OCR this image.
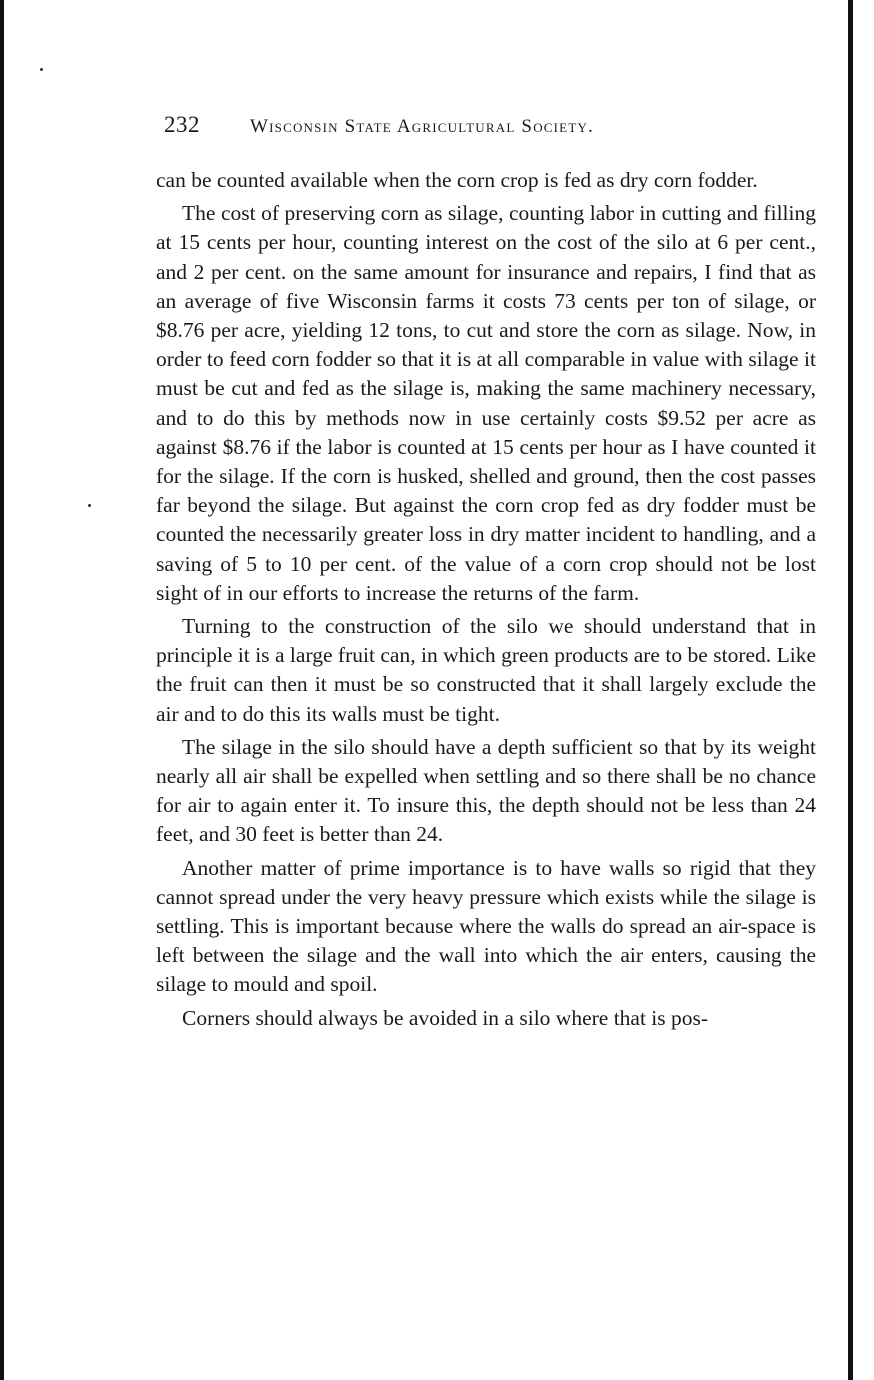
232	Wisconsin State Agricultural Society.

can be counted available when the corn crop is fed as dry corn fodder.

The cost of preserving corn as silage, counting labor in cutting and filling at 15 cents per hour, counting interest on the cost of the silo at 6 per cent., and 2 per cent. on the same amount for insurance and repairs, I find that as an average of five Wisconsin farms it costs 73 cents per ton of silage, or $8.76 per acre, yielding 12 tons, to cut and store the corn as silage. Now, in order to feed corn fodder so that it is at all comparable in value with silage it must be cut and fed as the silage is, making the same machinery necessary, and to do this by methods now in use certainly costs $9.52 per acre as against $8.76 if the labor is counted at 15 cents per hour as I have counted it for the silage. If the corn is husked, shelled and ground, then the cost passes far beyond the silage. But against the corn crop fed as dry fodder must be counted the necessarily greater loss in dry matter incident to handling, and a saving of 5 to 10 per cent. of the value of a corn crop should not be lost sight of in our efforts to increase the returns of the farm.

Turning to the construction of the silo we should understand that in principle it is a large fruit can, in which green products are to be stored. Like the fruit can then it must be so constructed that it shall largely exclude the air and to do this its walls must be tight.

The silage in the silo should have a depth sufficient so that by its weight nearly all air shall be expelled when settling and so there shall be no chance for air to again enter it. To insure this, the depth should not be less than 24 feet, and 30 feet is better than 24.

Another matter of prime importance is to have walls so rigid that they cannot spread under the very heavy pressure which exists while the silage is settling. This is important because where the walls do spread an air-space is left between the silage and the wall into which the air enters, causing the silage to mould and spoil.

Corners should always be avoided in a silo where that is pos-
